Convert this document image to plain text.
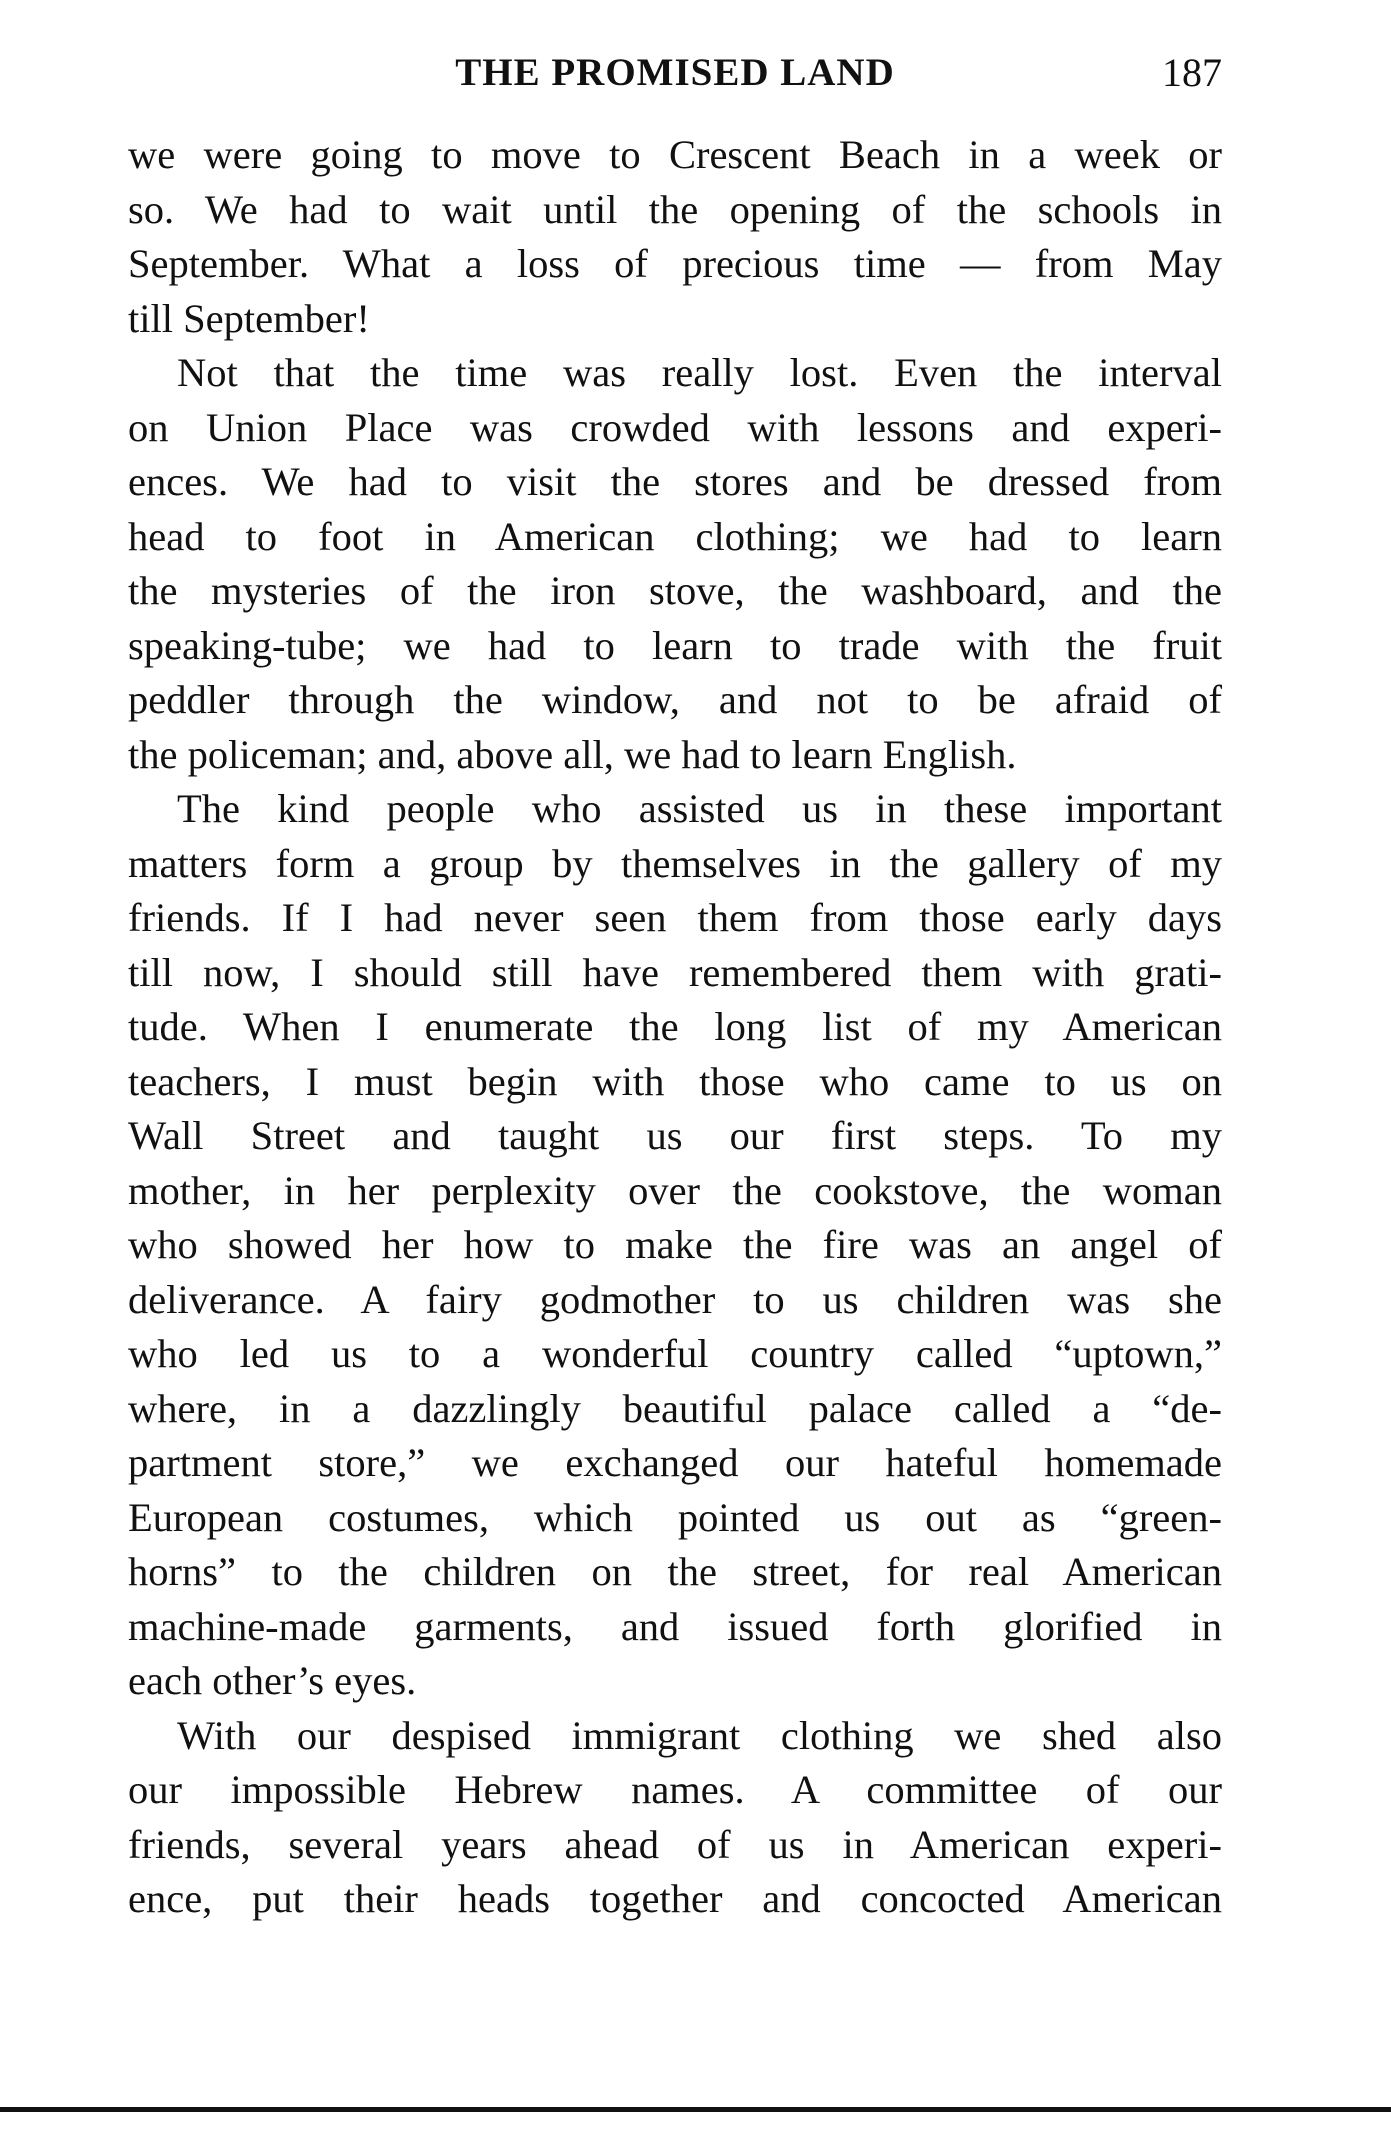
THE PROMISED LAND	187
we were going to move to Crescent Beach in a week or
so. We had to wait until the opening of the schools in
September. What a loss of precious time — from May
till September!
Not that the time was really lost. Even the interval
on Union Place was crowded with lessons and experi-
ences. We had to visit the stores and be dressed from
head to foot in American clothing; we had to learn
the mysteries of the iron stove, the washboard, and the
speaking-tube; we had to learn to trade with the fruit
peddler through the window, and not to be afraid of
the policeman; and, above all, we had to learn English.
The kind people who assisted us in these important
matters form a group by themselves in the gallery of my
friends. If I had never seen them from those early days
till now, I should still have remembered them with grati-
tude. When I enumerate the long list of my American
teachers, I must begin with those who came to us on
Wall Street and taught us our first steps. To my
mother, in her perplexity over the cookstove, the woman
who showed her how to make the fire was an angel of
deliverance. A fairy godmother to us children was she
who led us to a wonderful country called “uptown,”
where, in a dazzlingly beautiful palace called a “de-
partment store,” we exchanged our hateful homemade
European costumes, which pointed us out as “green-
horns” to the children on the street, for real American
machine-made garments, and issued forth glorified in
each other’s eyes.
With our despised immigrant clothing we shed also
our impossible Hebrew names. A committee of our
friends, several years ahead of us in American experi-
ence, put their heads together and concocted American
